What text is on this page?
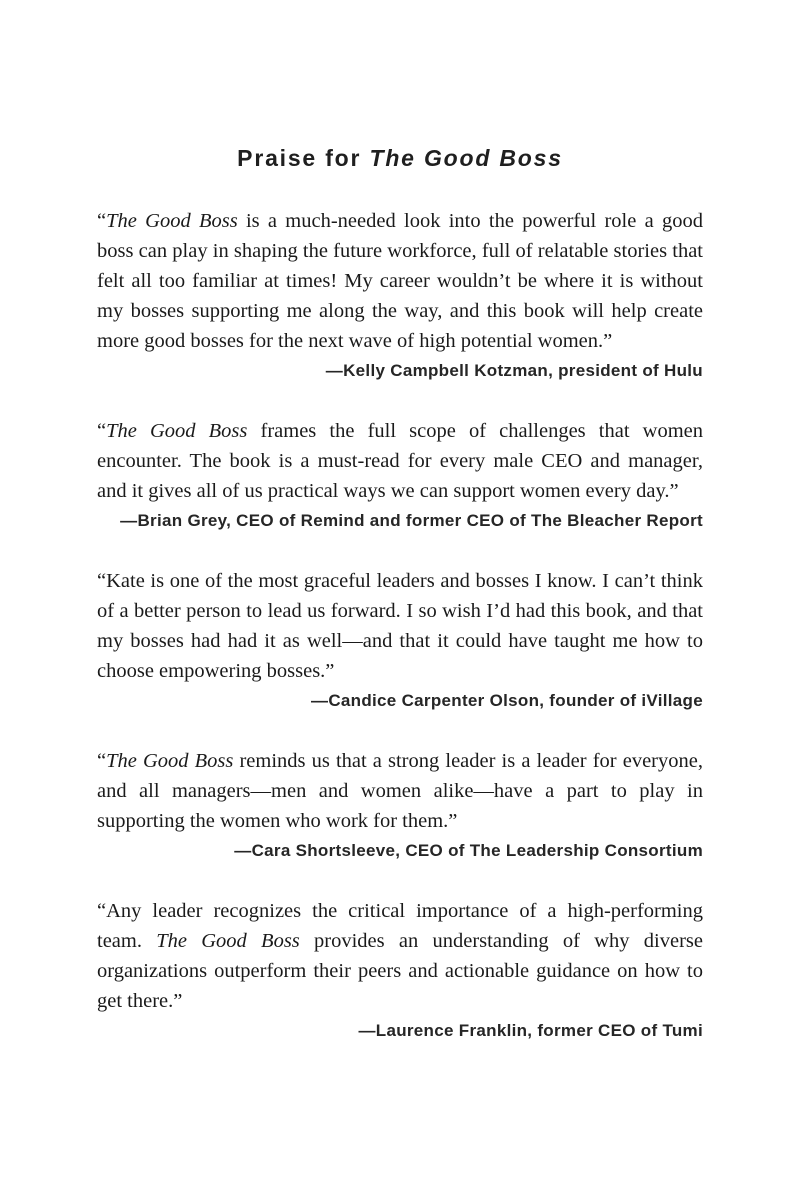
Praise for The Good Boss

“The Good Boss is a much-needed look into the powerful role a good boss can play in shaping the future workforce, full of relatable stories that felt all too familiar at times! My career wouldn’t be where it is without my bosses supporting me along the way, and this book will help create more good bosses for the next wave of high potential women.”

—Kelly Campbell Kotzman, president of Hulu

“The Good Boss frames the full scope of challenges that women encounter. The book is a must-read for every male CEO and manager, and it gives all of us practical ways we can support women every day.”

—Brian Grey, CEO of Remind and former CEO of The Bleacher Report

“Kate is one of the most graceful leaders and bosses I know. I can’t think of a better person to lead us forward. I so wish I’d had this book, and that my bosses had had it as well—and that it could have taught me how to choose empowering bosses.”

—Candice Carpenter Olson, founder of iVillage

“The Good Boss reminds us that a strong leader is a leader for everyone, and all managers—men and women alike—have a part to play in supporting the women who work for them.”

—Cara Shortsleeve, CEO of The Leadership Consortium

“Any leader recognizes the critical importance of a high-performing team. The Good Boss provides an understanding of why diverse organizations outperform their peers and actionable guidance on how to get there.”

—Laurence Franklin, former CEO of Tumi
